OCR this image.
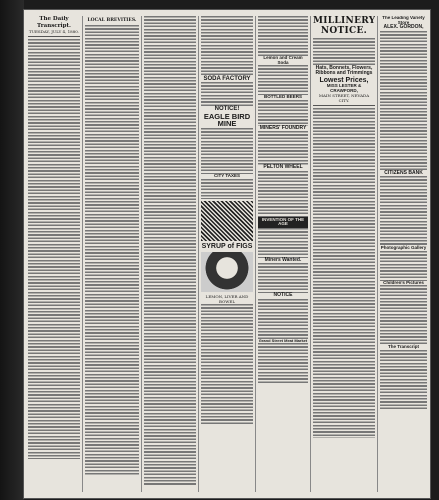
The Daily Transcript.
TUESDAY, JULY 4, 1880.
LOCAL BREVITIES.
SODA FACTORY
NOTICE!
EAGLE BIRD MINE
CITY TAXES
SYRUP of FIGS
LEMON, LIVER AND BOWEL
Lemon and Cream Soda
BOTTLED BEERS
MINERS' FOUNDRY
PELTON WHEEL
INVENTION OF THE AGE
Miners Wanted.
NOTICE
Grand Street Meat Market
MILLINERY NOTICE.
Hats, Bonnets, Flowers, Ribbons and Trimmings
Lowest Prices,
MISS LESTER & CRAWFORD,
MAIN STREET, NEVADA CITY.
The Leading Variety Store
ALEX. GORDON,
CITIZENS BANK
Photographic Gallery
Children's Pictures
The Transcript
